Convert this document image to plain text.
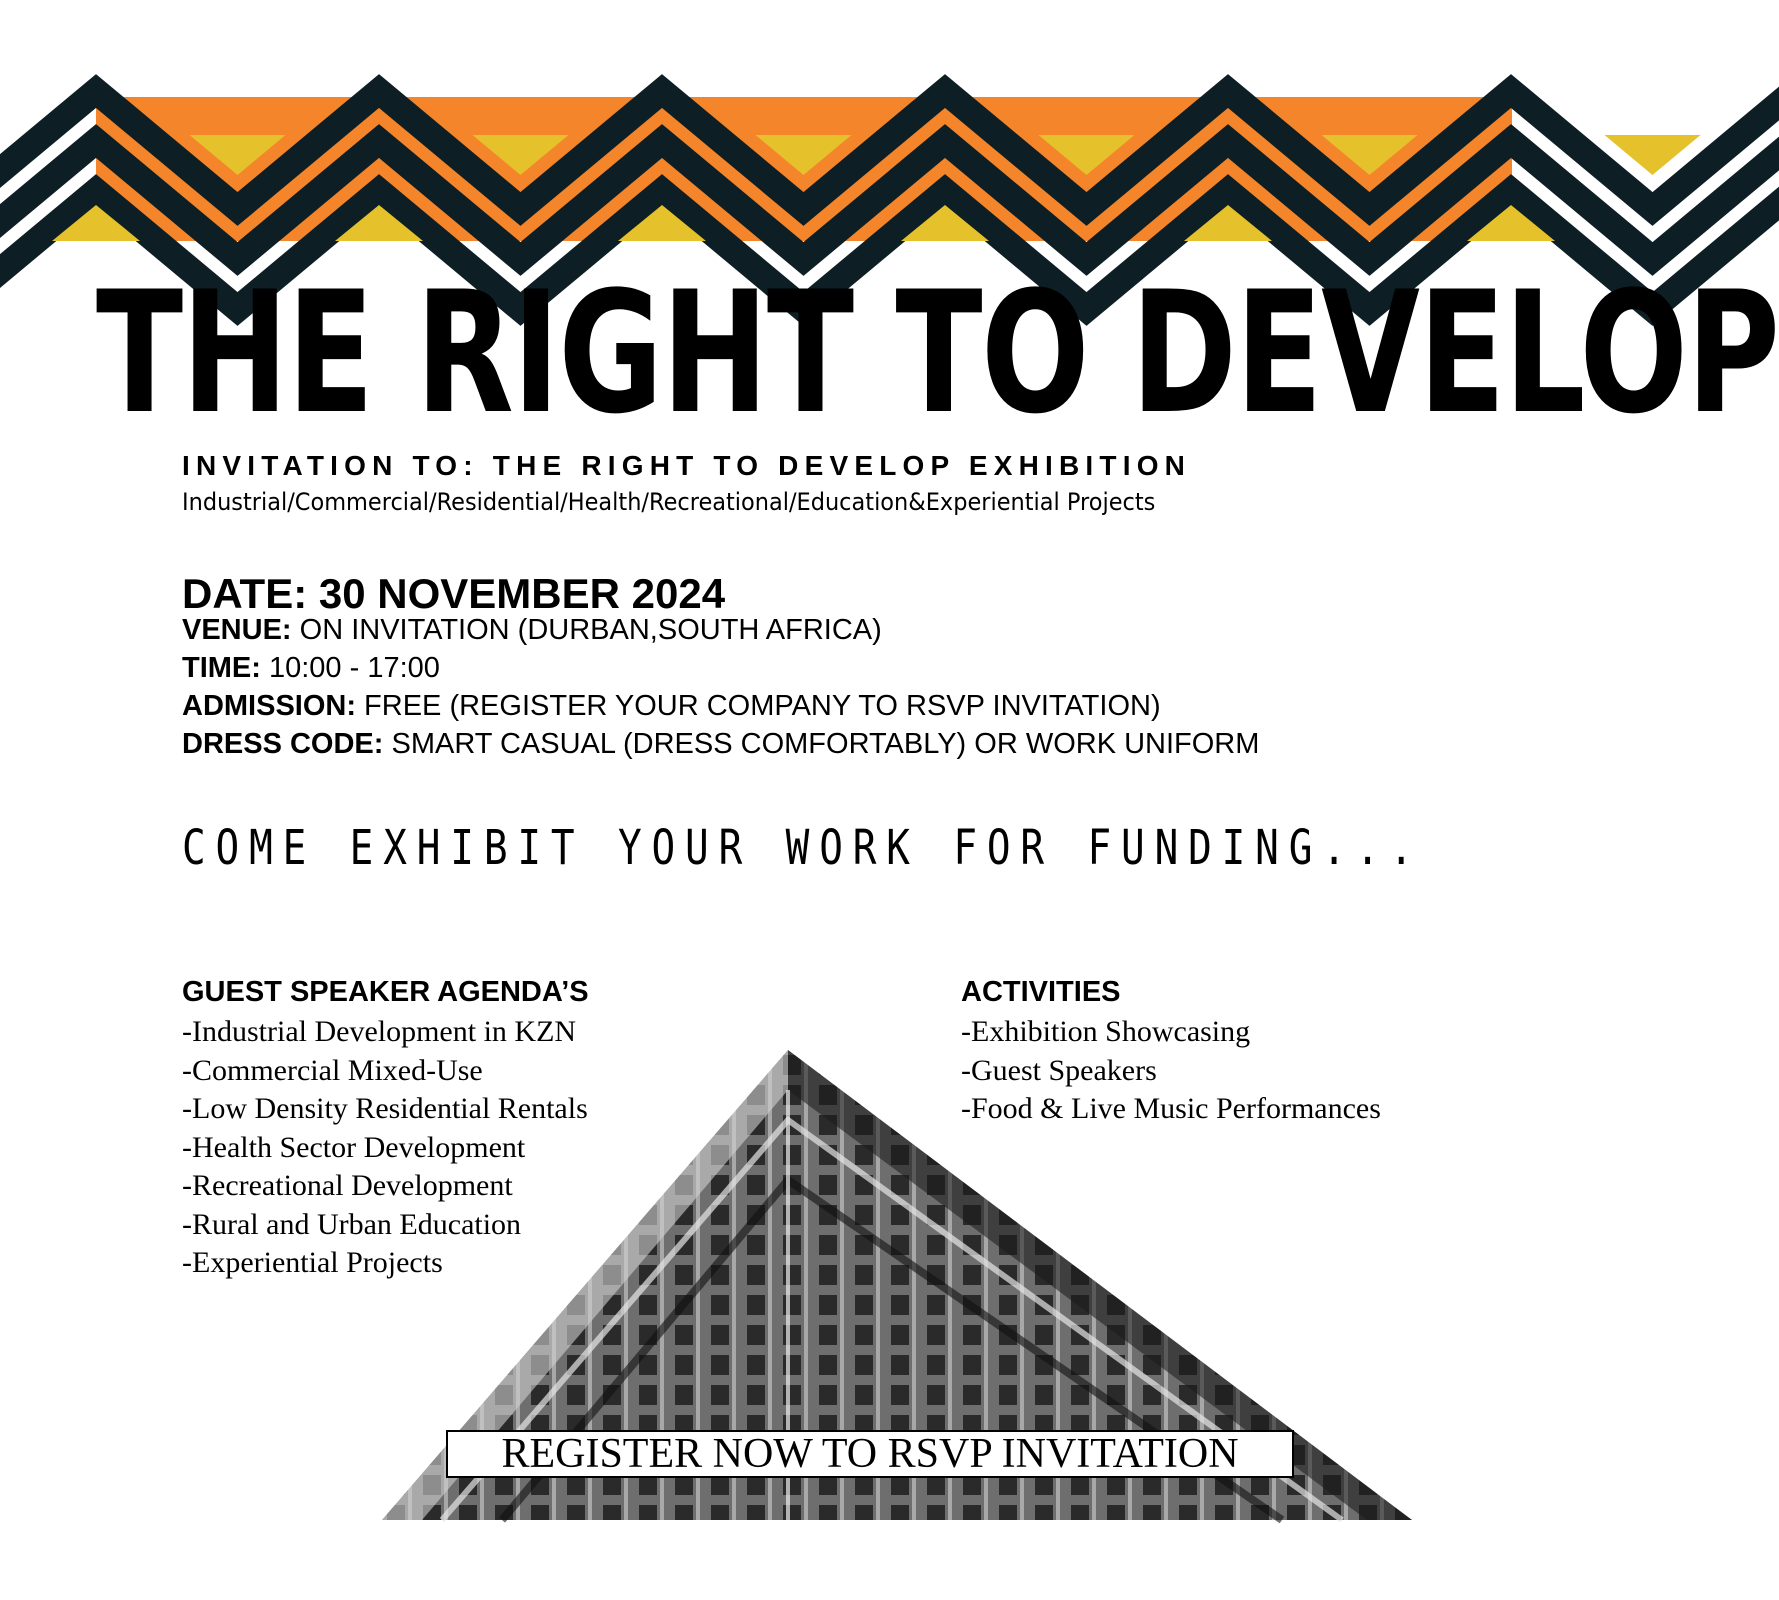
THE RIGHT TO DEVELOP
INVITATION TO: THE RIGHT TO DEVELOP EXHIBITION
Industrial/Commercial/Residential/Health/Recreational/Education&Experiential Projects
DATE: 30 NOVEMBER 2024
VENUE: ON INVITATION (DURBAN,SOUTH AFRICA)
TIME: 10:00 - 17:00
ADMISSION: FREE (REGISTER YOUR COMPANY TO RSVP INVITATION)
DRESS CODE: SMART CASUAL (DRESS COMFORTABLY) OR WORK UNIFORM
COME EXHIBIT YOUR WORK FOR FUNDING...
GUEST SPEAKER AGENDA’S
-Industrial Development in KZN
-Commercial Mixed-Use
-Low Density Residential Rentals
-Health Sector Development
-Recreational Development
-Rural and Urban Education
-Experiential Projects
ACTIVITIES
-Exhibition Showcasing
-Guest Speakers
-Food & Live Music Performances
REGISTER NOW TO RSVP INVITATION
